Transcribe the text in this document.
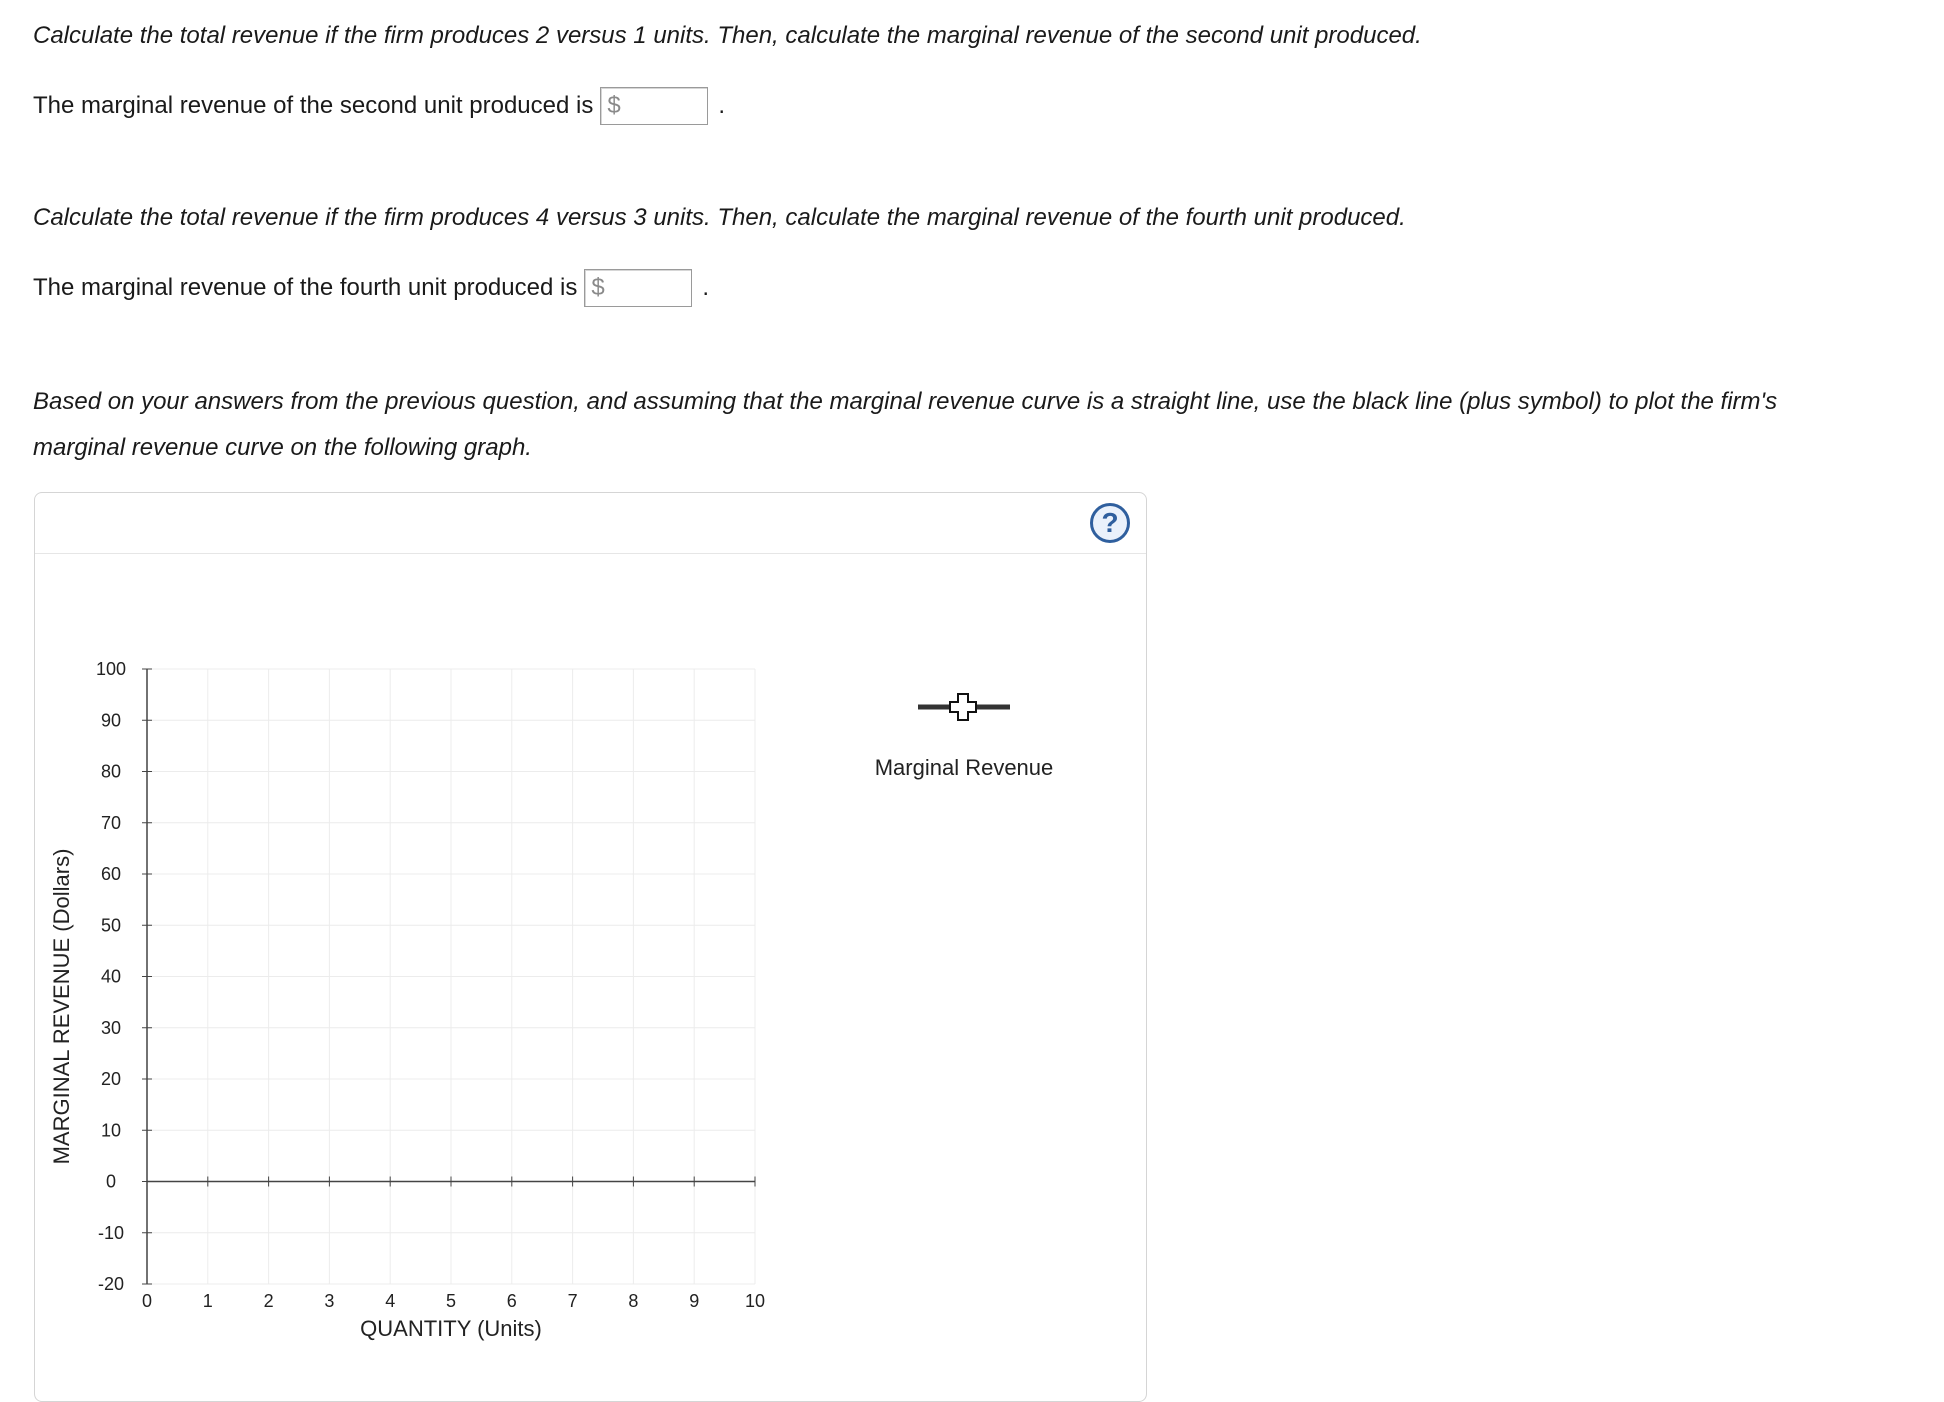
Calculate the total revenue if the firm produces 2 versus 1 units. Then, calculate the marginal revenue of the second unit produced.
The marginal revenue of the second unit produced is $	.
Calculate the total revenue if the firm produces 4 versus 3 units. Then, calculate the marginal revenue of the fourth unit produced.
The marginal revenue of the fourth unit produced is $	.

Based on your answers from the previous question, and assuming that the marginal revenue curve is a straight line, use the black line (plus symbol) to plot the firm's marginal revenue curve on the following graph.

?
-20
-10
0
10
20
30
40
50
60
70
80
90
100
0	1	2	3	4	5	6	7	8	9	10
MARGINAL REVENUE (Dollars)
QUANTITY (Units)
Marginal Revenue
